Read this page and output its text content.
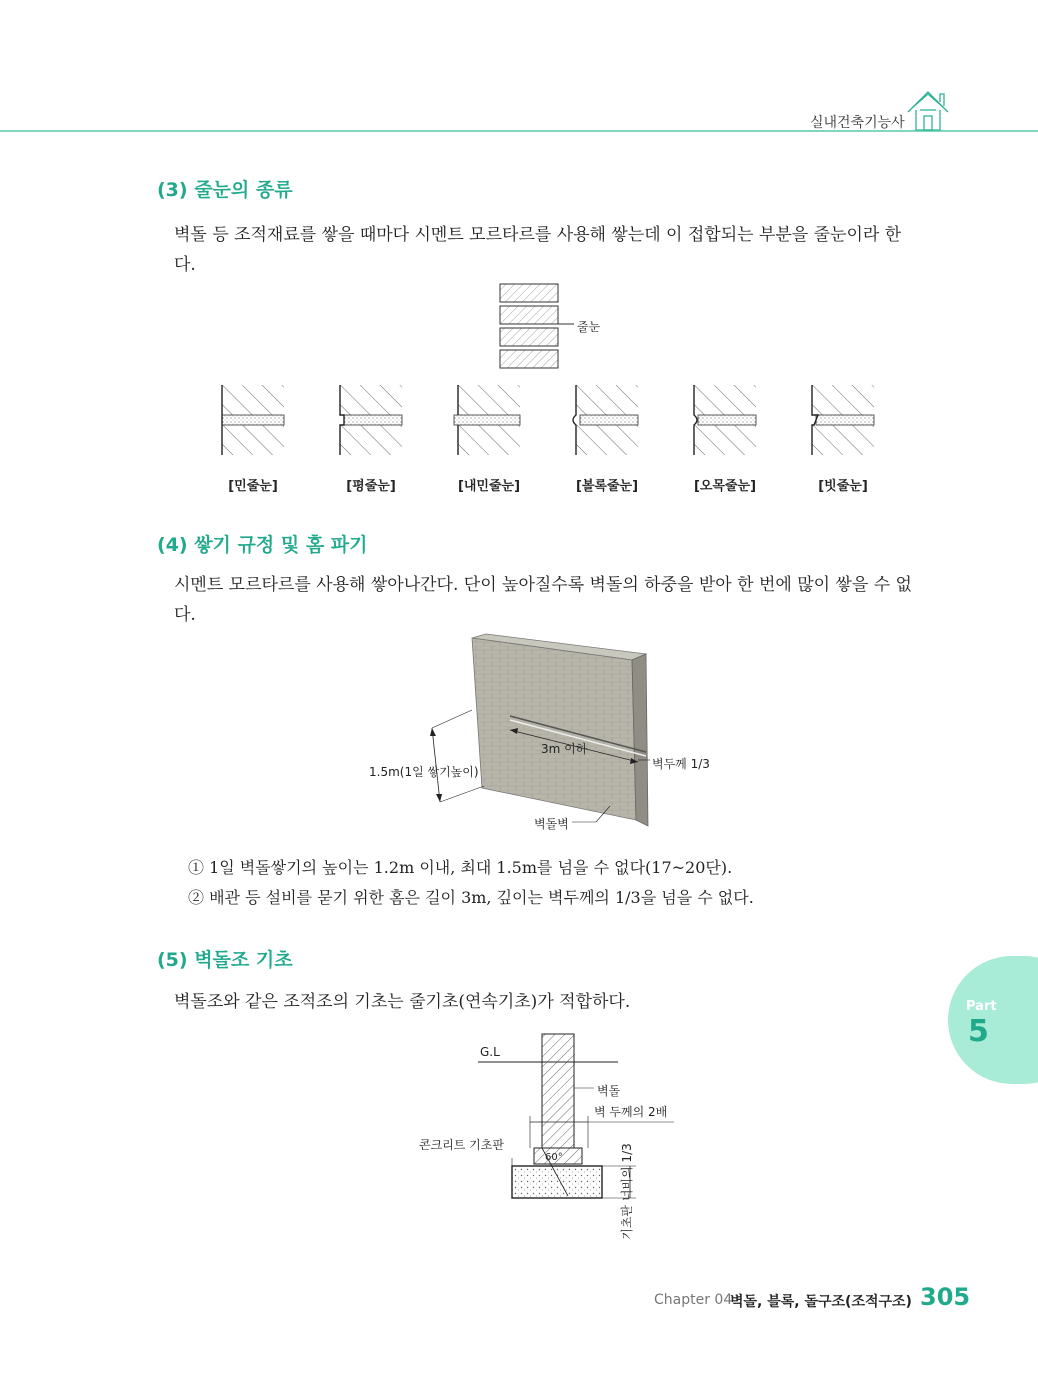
실내건축기능사
(3) 줄눈의 종류
벽돌 등 조적재료를 쌓을 때마다 시멘트 모르타르를 사용해 쌓는데 이 접합되는 부분을 줄눈이라 한다.
줄눈
[민줄눈]	[평줄눈]	[내민줄눈]	[볼록줄눈]	[오목줄눈]	[빗줄눈]
(4) 쌓기 규정 및 홈 파기
시멘트 모르타르를 사용해 쌓아나간다. 단이 높아질수록 벽돌의 하중을 받아 한 번에 많이 쌓을 수 없다.
1.5m(1일 쌓기높이)
3m 이하
벽두께 1/3
벽돌벽
① 1일 벽돌쌓기의 높이는 1.2m 이내, 최대 1.5m를 넘을 수 없다(17~20단).
② 배관 등 설비를 묻기 위한 홈은 길이 3m, 깊이는 벽두께의 1/3을 넘을 수 없다.
(5) 벽돌조 기초
벽돌조와 같은 조적조의 기초는 줄기초(연속기초)가 적합하다.
G.L
벽돌
벽 두께의 2배
콘크리트 기초판
60°	기초판 너비의 1/3
Part
5
Chapter 04
벽돌, 블록, 돌구조(조적구조) 305
